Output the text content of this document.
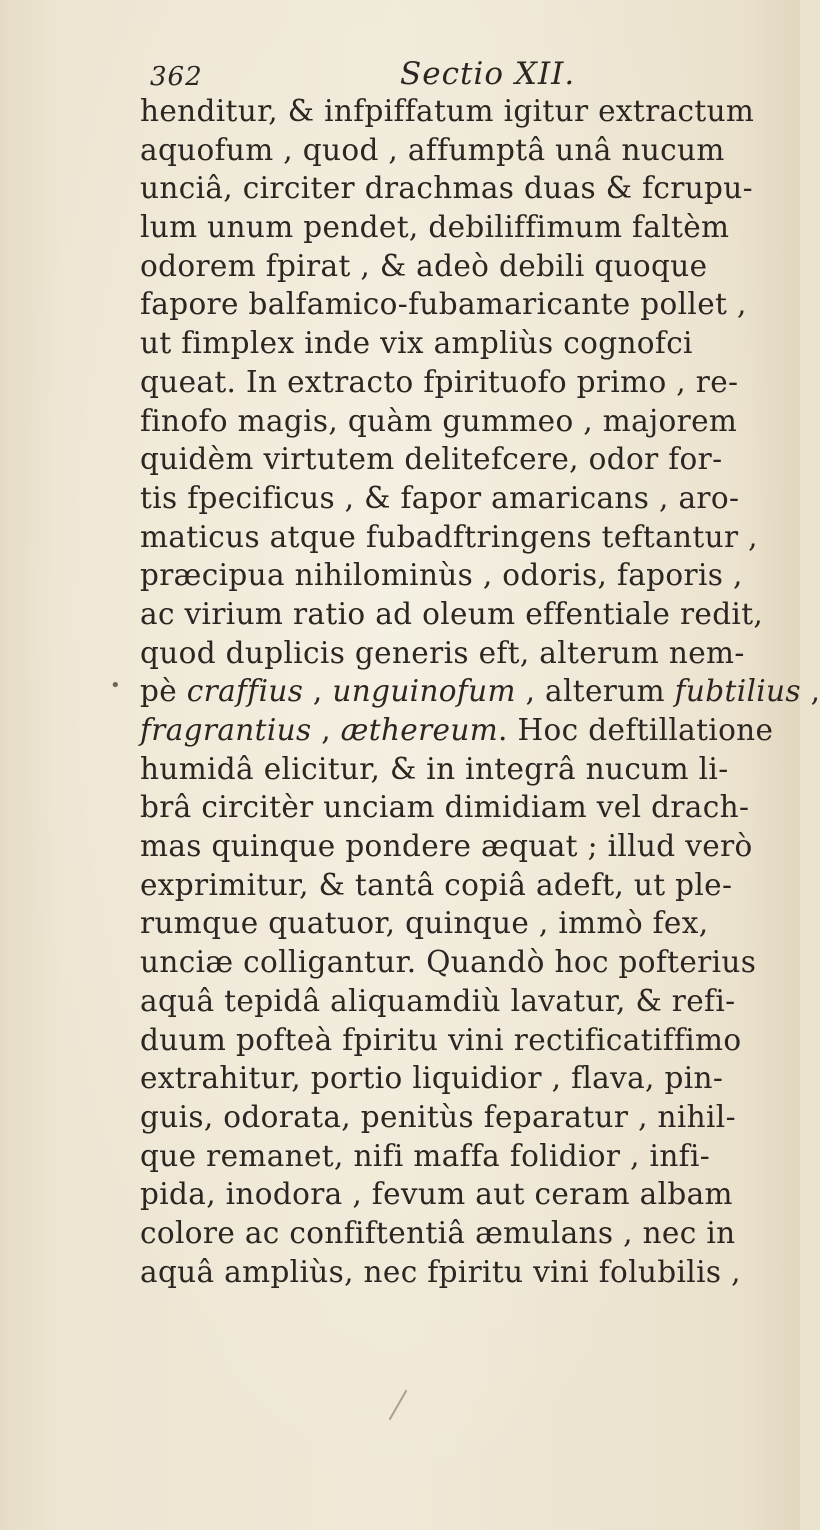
362	Sectio XII.
•

henditur, & infpiffatum igitur extractum

aquofum , quod , affumptâ unâ nucum

unciâ, circiter drachmas duas & fcrupu-

lum unum pendet, debiliffimum faltèm

odorem fpirat , & adeò debili quoque

fapore balfamico-fubamaricante pollet ,

ut fimplex inde vix ampliùs cognofci

queat. In extracto fpirituofo primo , re-

finofo magis, quàm gummeo , majorem

quidèm virtutem delitefcere, odor for-

tis fpecificus , & fapor amaricans , aro-

maticus atque fubadftringens teftantur ,

præcipua nihilominùs , odoris, faporis ,

ac virium ratio ad oleum effentiale redit,

quod duplicis generis eft, alterum nem-

pè craffius , unguinofum , alterum fubtilius ,

fragrantius , æthereum. Hoc deftillatione

humidâ elicitur, & in integrâ nucum li-

brâ circitèr unciam dimidiam vel drach-

mas quinque pondere æquat ; illud verò

exprimitur, & tantâ copiâ adeft, ut ple-

rumque quatuor, quinque , immò fex,

unciæ colligantur. Quandò hoc pofterius

aquâ tepidâ aliquamdiù lavatur, & refi-

duum pofteà fpiritu vini rectificatiffimo

extrahitur, portio liquidior , flava, pin-

guis, odorata, penitùs feparatur , nihil-

que remanet, nifi maffa folidior , infi-

pida, inodora , fevum aut ceram albam

colore ac confiftentiâ æmulans , nec in

aquâ ampliùs, nec fpiritu vini folubilis ,
